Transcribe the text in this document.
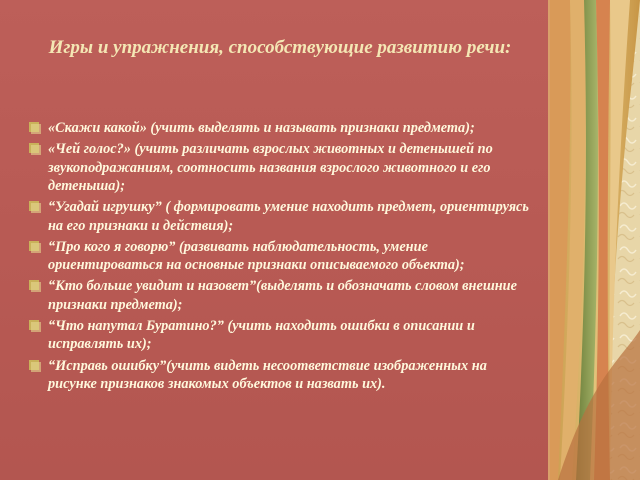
Игры и упражнения, способствующие развитию речи:
«Скажи какой» (учить выделять и называть признаки предмета);
«Чей голос?» (учить различать взрослых животных и детенышей по звукоподражаниям, соотносить названия взрослого животного и его детеныша);
“Угадай игрушку” ( формировать умение находить предмет, ориентируясь на его признаки и действия);
“Про кого я говорю” (развивать наблюдательность, умение ориентироваться на основные признаки описываемого объекта);
“Кто больше увидит и назовет”(выделять и обозначать словом внешние признаки предмета);
“Что напутал Буратино?” (учить находить ошибки в описании и исправлять их);
“Исправь ошибку”(учить видеть несоответствие изображенных на рисунке признаков знакомых объектов и назвать их).
